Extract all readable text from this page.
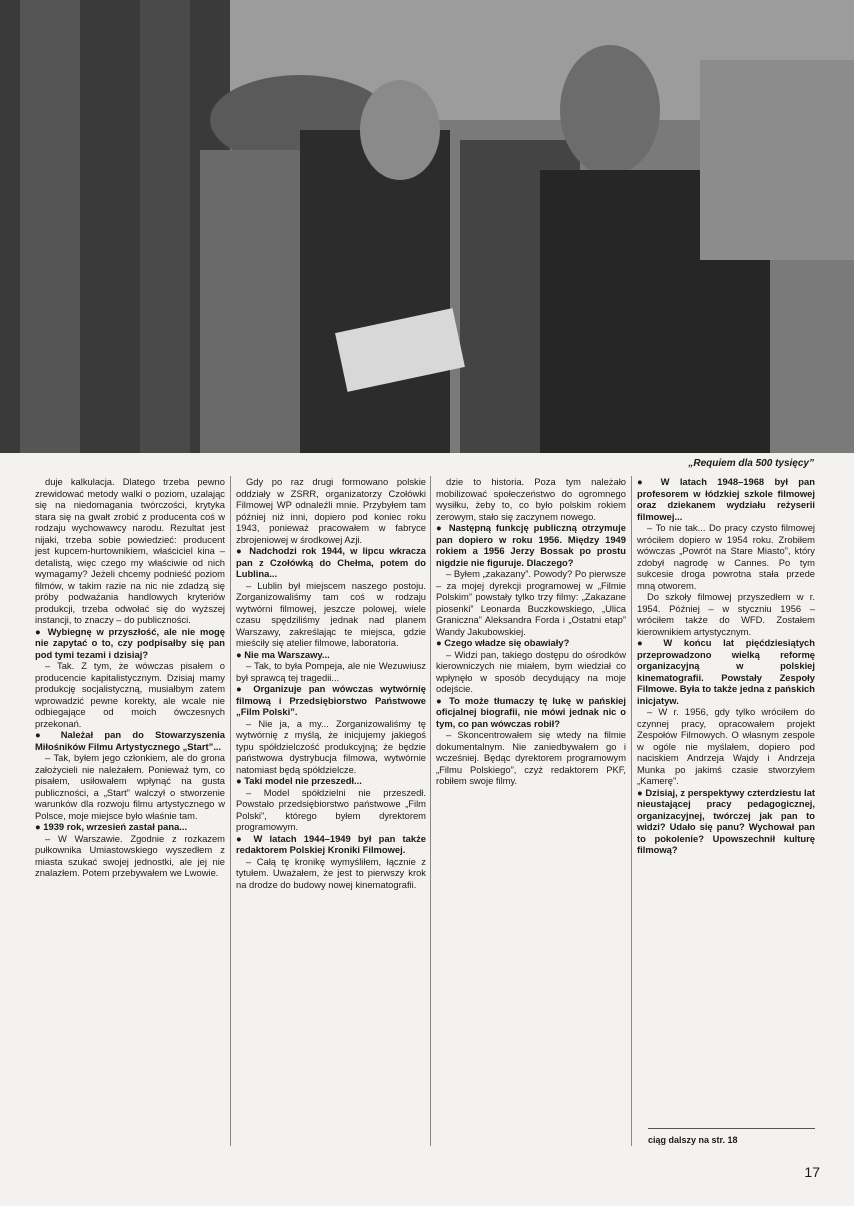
„Requiem dla 500 tysięcy”

duje kalkulacja. Dlatego trzeba pewno zrewidować metody walki o poziom, uzalając się na niedomagania twórczości, krytyka stara się na gwałt zrobić z producenta coś w rodzaju wychowawcy narodu. Rezultat jest nijaki, trzeba sobie powiedzieć: producent jest kupcem-hurtownikiem, właściciel kina – detalistą, więc czego my właściwie od nich wymagamy? Jeżeli chcemy podnieść poziom filmów, w takim razie na nic nie zdadzą się próby podważania handlowych kryteriów produkcji, trzeba odwołać się do wyższej instancji, to znaczy – do publiczności.

● Wybiegnę w przyszłość, ale nie mogę nie zapytać o to, czy podpisałby się pan pod tymi tezami i dzisiaj?

– Tak. Z tym, że wówczas pisałem o producencie kapitalistycznym. Dzisiaj mamy produkcję socjalistyczną, musiałbym zatem wprowadzić pewne korekty, ale wcale nie odbiegające od moich ówczesnych przekonań.

● Należał pan do Stowarzyszenia Miłośników Filmu Artystycznego „Start”...

– Tak, byłem jego członkiem, ale do grona założycieli nie należałem. Ponieważ tym, co pisałem, usiłowałem wpłynąć na gusta publiczności, a „Start” walczył o stworzenie warunków dla rozwoju filmu artystycznego w Polsce, moje miejsce było właśnie tam.

● 1939 rok, wrzesień zastał pana...

– W Warszawie. Zgodnie z rozkazem pułkownika Umiastowskiego wyszedłem z miasta szukać swojej jednostki, ale jej nie znalazłem. Potem przebywałem we Lwowie.

Gdy po raz drugi formowano polskie oddziały w ZSRR, organizatorzy Czołówki Filmowej WP odnaleźli mnie. Przybyłem tam później niż inni, dopiero pod koniec roku 1943, ponieważ pracowałem w fabryce zbrojeniowej w środkowej Azji.

● Nadchodzi rok 1944, w lipcu wkracza pan z Czołówką do Chełma, potem do Lublina...

– Lublin był miejscem naszego postoju. Zorganizowaliśmy tam coś w rodzaju wytwórni filmowej, jeszcze polowej, wiele czasu spędziliśmy jednak nad planem Warszawy, zakreślając te miejsca, gdzie mieściły się atelier filmowe, laboratoria.

● Nie ma Warszawy...

– Tak, to była Pompeja, ale nie Wezuwiusz był sprawcą tej tragedii...

● Organizuje pan wówczas wytwórnię filmową i Przedsiębiorstwo Państwowe „Film Polski”.

– Nie ja, a my... Zorganizowaliśmy tę wytwórnię z myślą, że inicjujemy jakiegoś typu spółdzielczość produkcyjną; że będzie państwowa dystrybucja filmowa, wytwórnie natomiast będą spółdzielcze.

● Taki model nie przeszedł...

– Model spółdzielni nie przeszedł. Powstało przedsiębiorstwo państwowe „Film Polski”, którego byłem dyrektorem programowym.

● W latach 1944–1949 był pan także redaktorem Polskiej Kroniki Filmowej.

– Całą tę kronikę wymyśliłem, łącznie z tytułem. Uważałem, że jest to pierwszy krok na drodze do budowy nowej kinematografii.

dzie to historia. Poza tym należało mobilizować społeczeństwo do ogromnego wysiłku, żeby to, co było polskim rokiem zerowym, stało się zaczynem nowego.

● Następną funkcję publiczną otrzymuje pan dopiero w roku 1956. Między 1949 rokiem a 1956 Jerzy Bossak po prostu nigdzie nie figuruje. Dlaczego?

– Byłem „zakazany”. Powody? Po pierwsze – za mojej dyrekcji programowej w „Filmie Polskim” powstały tylko trzy filmy: „Zakazane piosenki” Leonarda Buczkowskiego, „Ulica Graniczna” Aleksandra Forda i „Ostatni etap” Wandy Jakubowskiej.

● Czego władze się obawiały?

– Widzi pan, takiego dostępu do ośrodków kierowniczych nie miałem, bym wiedział co wpłynęło w sposób decydujący na moje odejście.

● To może tłumaczy tę lukę w pańskiej oficjalnej biografii, nie mówi jednak nic o tym, co pan wówczas robił?

– Skoncentrowałem się wtedy na filmie dokumentalnym. Nie zaniedbywałem go i wcześniej. Będąc dyrektorem programowym „Filmu Polskiego”, czyż redaktorem PKF, robiłem swoje filmy.

● W latach 1948–1968 był pan profesorem w łódzkiej szkole filmowej oraz dziekanem wydziału reżyserii filmowej...

– To nie tak... Do pracy czysto filmowej wróciłem dopiero w 1954 roku. Zrobiłem wówczas „Powrót na Stare Miasto”, który zdobył nagrodę w Cannes. Po tym sukcesie droga powrotna stała przede mną otworem.

Do szkoły filmowej przyszedłem w r. 1954. Później – w styczniu 1956 – wróciłem także do WFD. Zostałem kierownikiem artystycznym.

● W końcu lat pięćdziesiątych przeprowadzono wielką reformę organizacyjną w polskiej kinematografii. Powstały Zespoły Filmowe. Była to także jedna z pańskich inicjatyw.

– W r. 1956, gdy tylko wróciłem do czynnej pracy, opracowałem projekt Zespołów Filmowych. O własnym zespole w ogóle nie myślałem, dopiero pod naciskiem Andrzeja Wajdy i Andrzeja Munka po jakimś czasie stworzyłem „Kamerę”.

● Dzisiaj, z perspektywy czterdziestu lat nieustającej pracy pedagogicznej, organizacyjnej, twórczej jak pan to widzi? Udało się panu? Wychował pan to pokolenie? Upowszechnił kulturę filmową?

ciąg dalszy na str. 18
17
